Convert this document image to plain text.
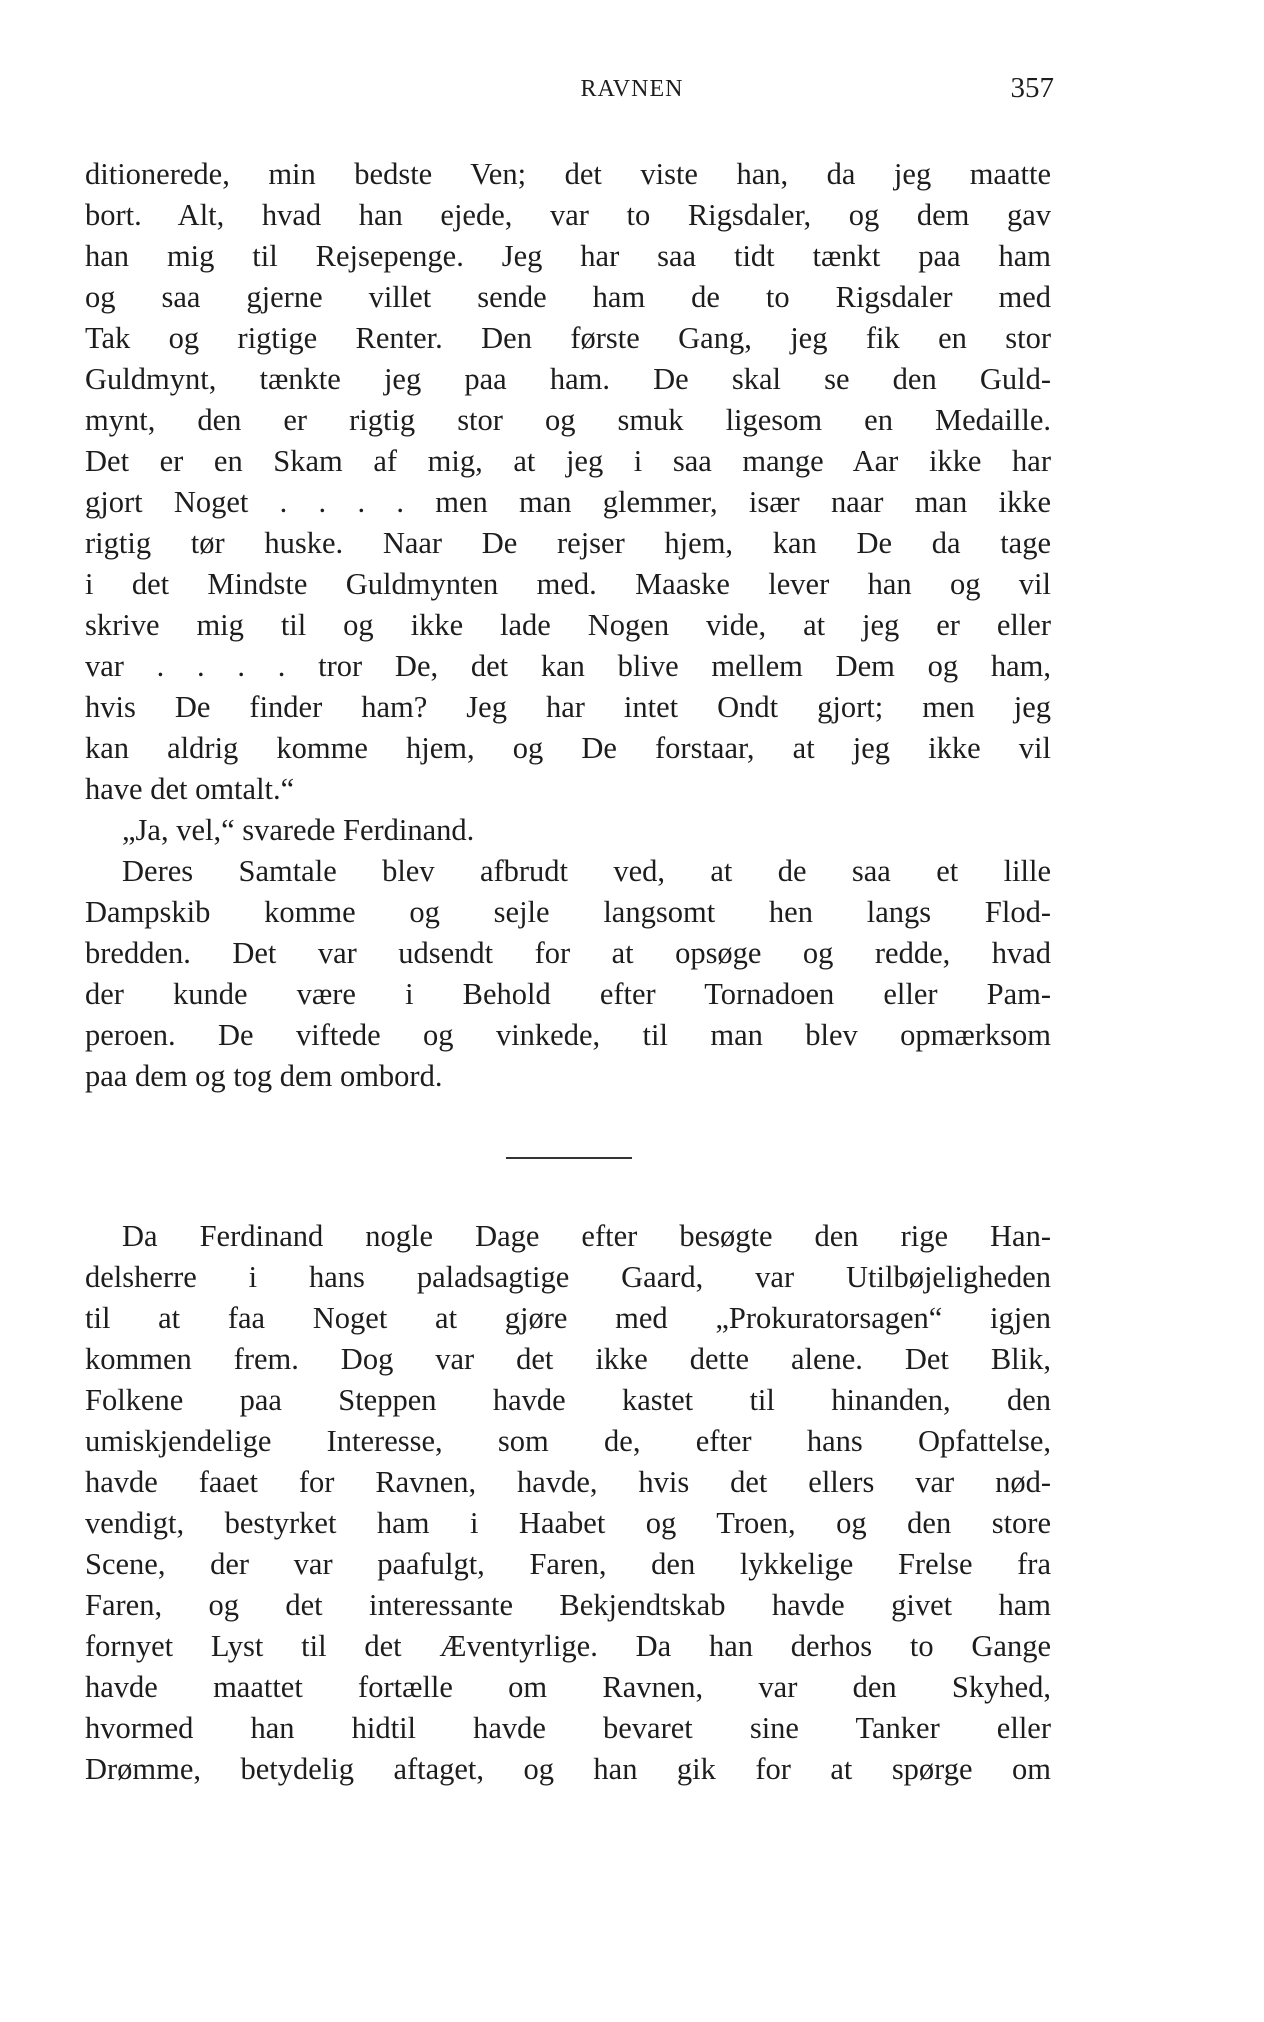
RAVNEN	357
ditionerede, min bedste Ven; det viste han, da jeg maatte
bort. Alt, hvad han ejede, var to Rigsdaler, og dem gav
han mig til Rejsepenge. Jeg har saa tidt tænkt paa ham
og saa gjerne villet sende ham de to Rigsdaler med
Tak og rigtige Renter. Den første Gang, jeg fik en stor
Guldmynt, tænkte jeg paa ham. De skal se den Guld-
mynt, den er rigtig stor og smuk ligesom en Medaille.
Det er en Skam af mig, at jeg i saa mange Aar ikke har
gjort Noget . . . . men man glemmer, især naar man ikke
rigtig tør huske. Naar De rejser hjem, kan De da tage
i det Mindste Guldmynten med. Maaske lever han og vil
skrive mig til og ikke lade Nogen vide, at jeg er eller
var . . . . tror De, det kan blive mellem Dem og ham,
hvis De finder ham? Jeg har intet Ondt gjort; men jeg
kan aldrig komme hjem, og De forstaar, at jeg ikke vil
have det omtalt.“
„Ja, vel,“ svarede Ferdinand.
Deres Samtale blev afbrudt ved, at de saa et lille
Dampskib komme og sejle langsomt hen langs Flod-
bredden. Det var udsendt for at opsøge og redde, hvad
der kunde være i Behold efter Tornadoen eller Pam-
peroen. De viftede og vinkede, til man blev opmærksom
paa dem og tog dem ombord.
Da Ferdinand nogle Dage efter besøgte den rige Han-
delsherre i hans paladsagtige Gaard, var Utilbøjeligheden
til at faa Noget at gjøre med „Prokuratorsagen“ igjen
kommen frem. Dog var det ikke dette alene. Det Blik,
Folkene paa Steppen havde kastet til hinanden, den
umiskjendelige Interesse, som de, efter hans Opfattelse,
havde faaet for Ravnen, havde, hvis det ellers var nød-
vendigt, bestyrket ham i Haabet og Troen, og den store
Scene, der var paafulgt, Faren, den lykkelige Frelse fra
Faren, og det interessante Bekjendtskab havde givet ham
fornyet Lyst til det Æventyrlige. Da han derhos to Gange
havde maattet fortælle om Ravnen, var den Skyhed,
hvormed han hidtil havde bevaret sine Tanker eller
Drømme, betydelig aftaget, og han gik for at spørge om
